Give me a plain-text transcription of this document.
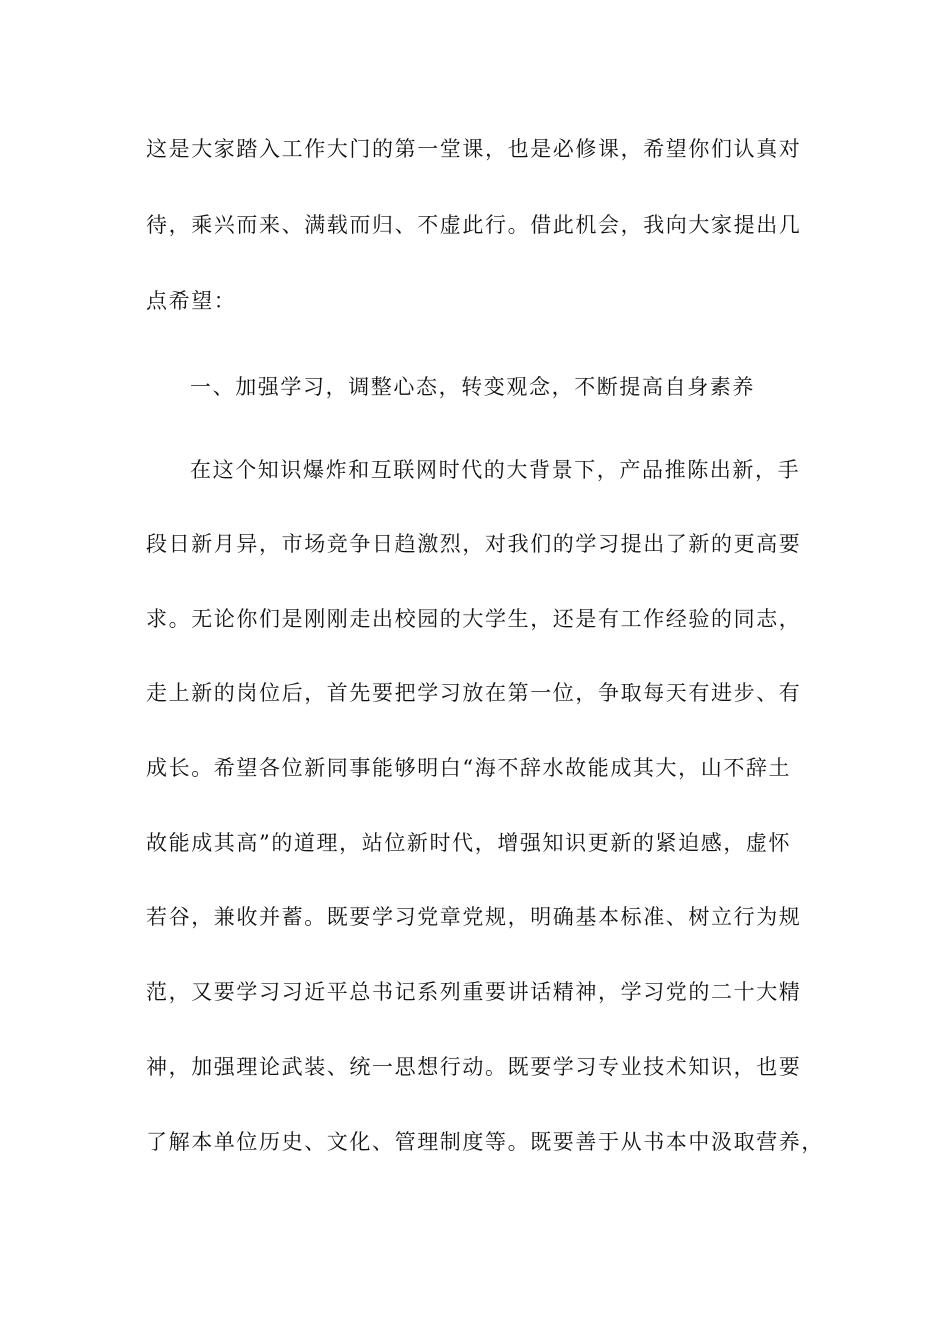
这是大家踏入工作大门的第一堂课，也是必修课，希望你们认真对
待，乘兴而来、满载而归、不虚此行。借此机会，我向大家提出几
点希望：
一、加强学习，调整心态，转变观念，不断提高自身素养
在这个知识爆炸和互联网时代的大背景下，产品推陈出新，手
段日新月异，市场竞争日趋激烈，对我们的学习提出了新的更高要
求。无论你们是刚刚走出校园的大学生，还是有工作经验的同志，
走上新的岗位后，首先要把学习放在第一位，争取每天有进步、有
成长。希望各位新同事能够明白“海不辞水故能成其大，山不辞土
故能成其高”的道理，站位新时代，增强知识更新的紧迫感，虚怀
若谷，兼收并蓄。既要学习党章党规，明确基本标准、树立行为规
范，又要学习习近平总书记系列重要讲话精神，学习党的二十大精
神，加强理论武装、统一思想行动。既要学习专业技术知识，也要
了解本单位历史、文化、管理制度等。既要善于从书本中汲取营养，
